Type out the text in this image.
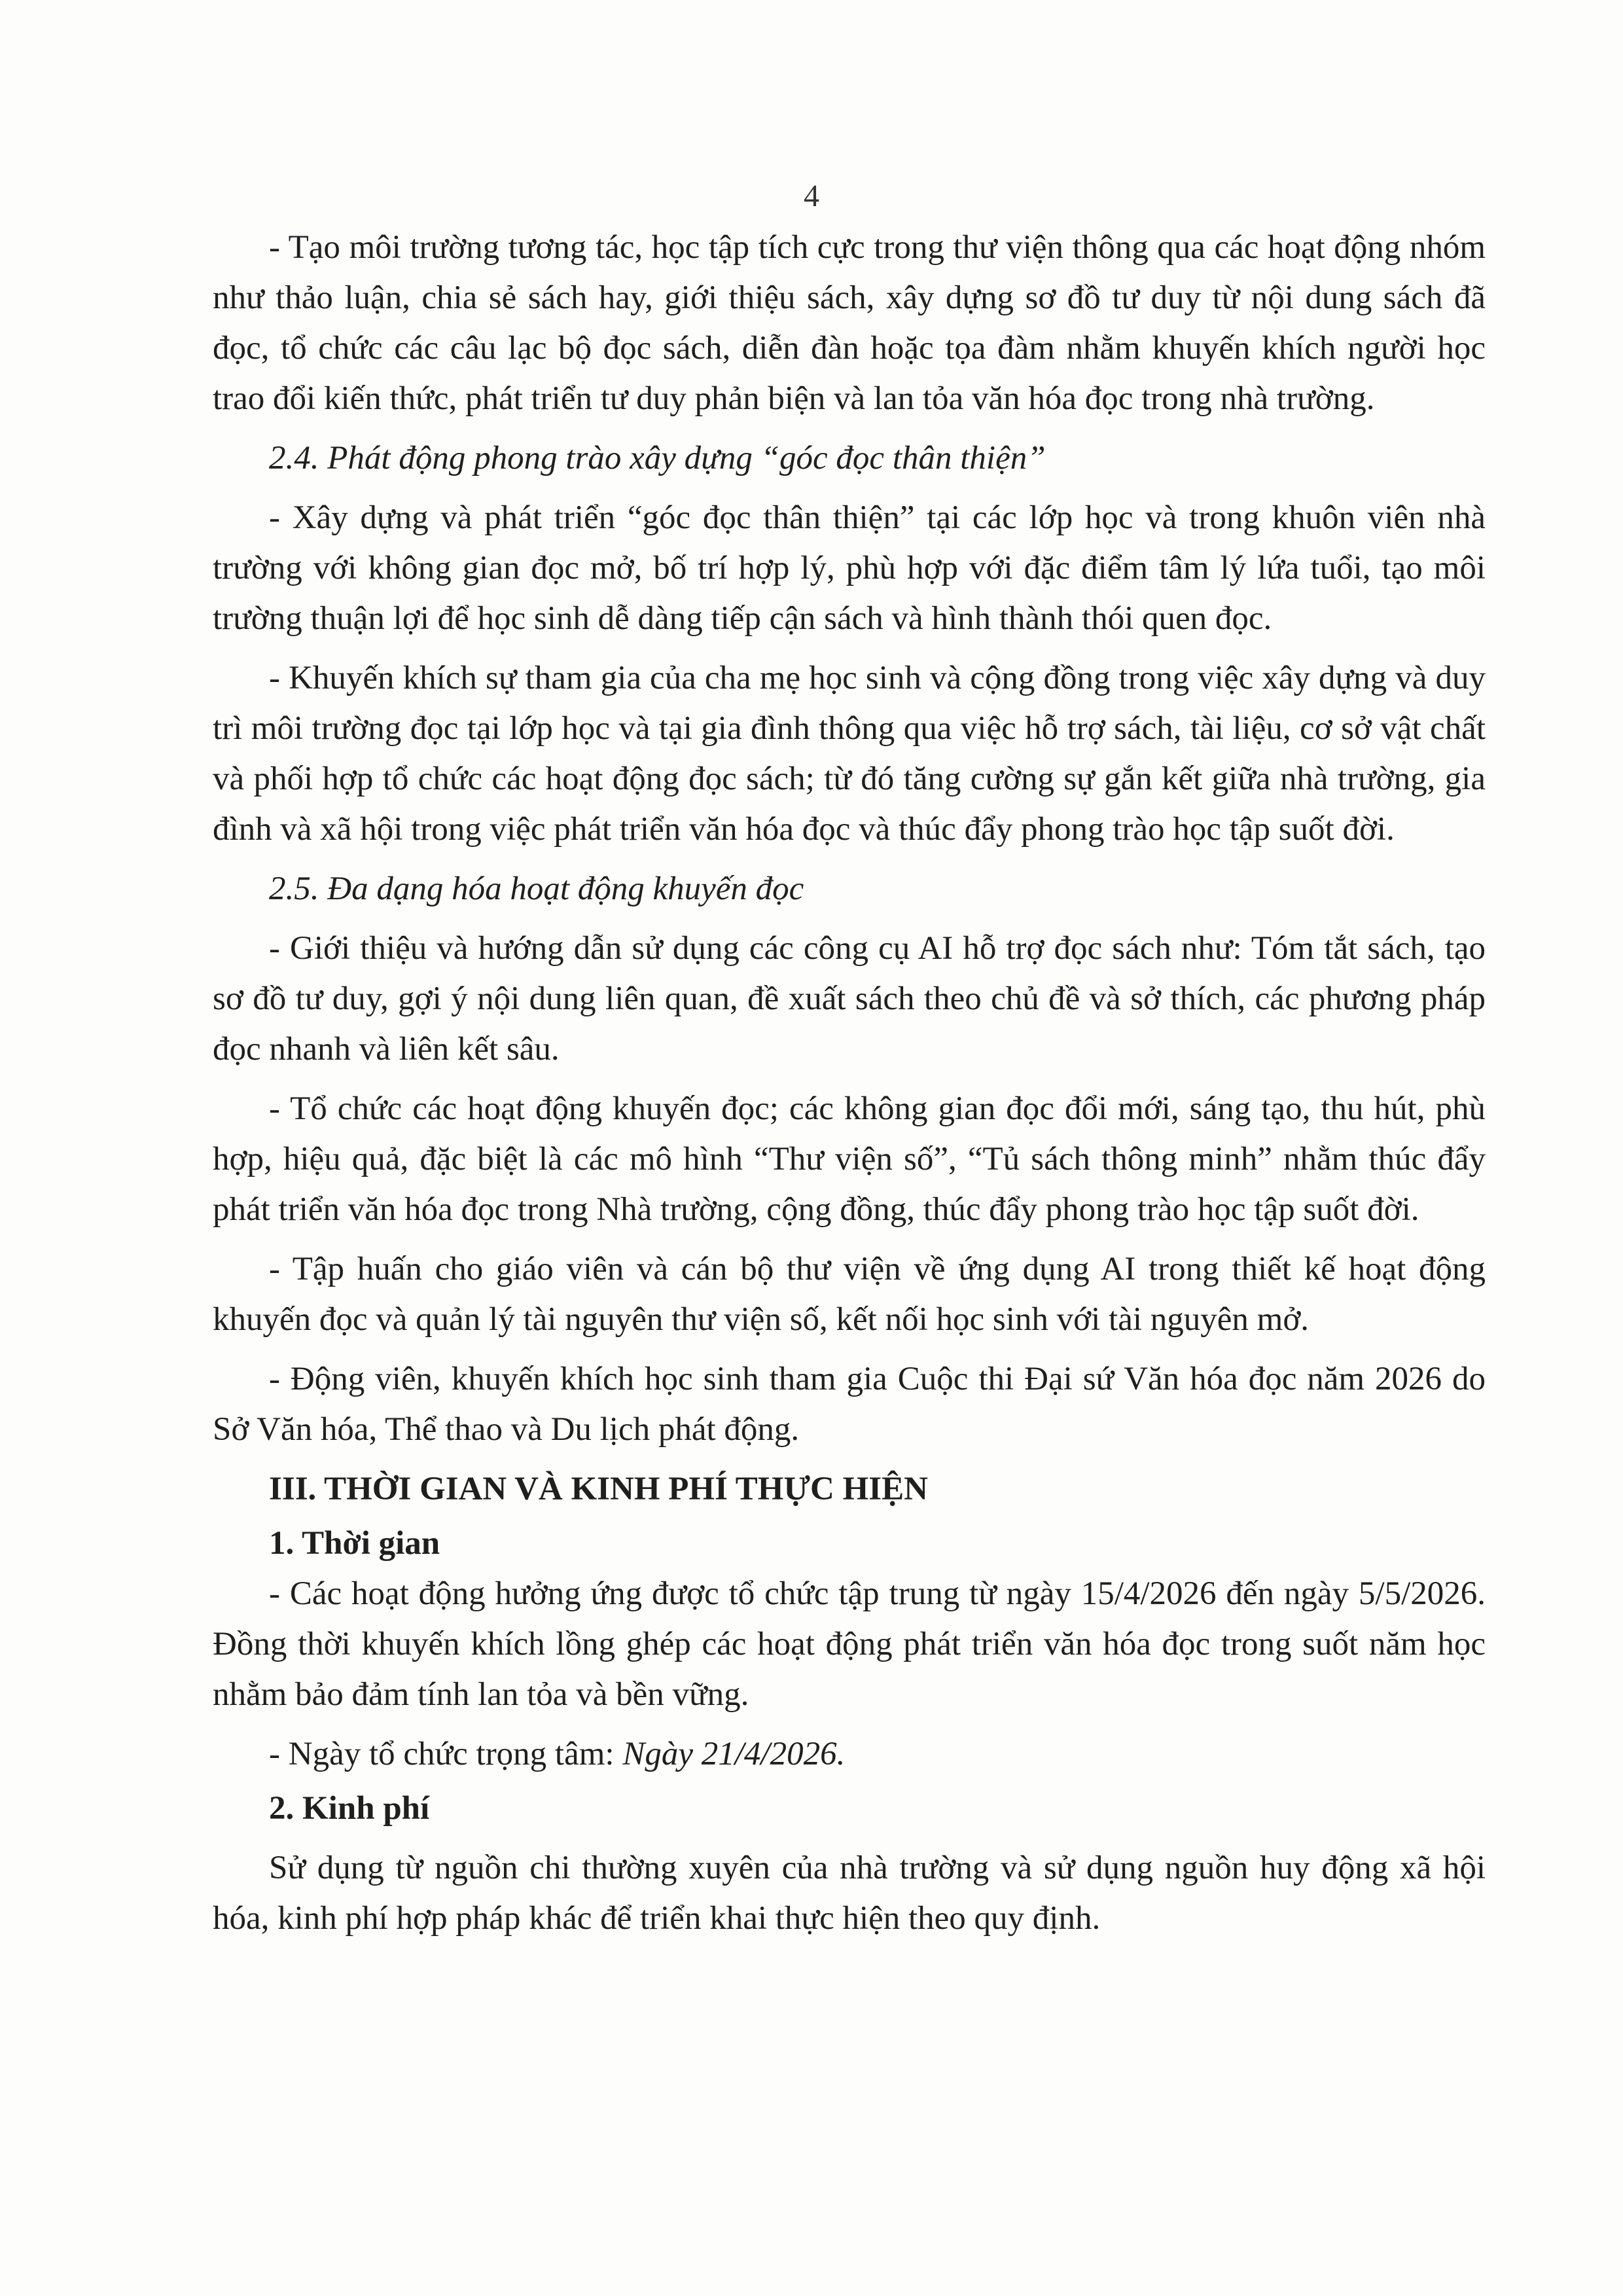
4

- Tạo môi trường tương tác, học tập tích cực trong thư viện thông qua các hoạt động nhóm như thảo luận, chia sẻ sách hay, giới thiệu sách, xây dựng sơ đồ tư duy từ nội dung sách đã đọc, tổ chức các câu lạc bộ đọc sách, diễn đàn hoặc tọa đàm nhằm khuyến khích người học trao đổi kiến thức, phát triển tư duy phản biện và lan tỏa văn hóa đọc trong nhà trường.

2.4. Phát động phong trào xây dựng “góc đọc thân thiện”

- Xây dựng và phát triển “góc đọc thân thiện” tại các lớp học và trong khuôn viên nhà trường với không gian đọc mở, bố trí hợp lý, phù hợp với đặc điểm tâm lý lứa tuổi, tạo môi trường thuận lợi để học sinh dễ dàng tiếp cận sách và hình thành thói quen đọc.

- Khuyến khích sự tham gia của cha mẹ học sinh và cộng đồng trong việc xây dựng và duy trì môi trường đọc tại lớp học và tại gia đình thông qua việc hỗ trợ sách, tài liệu, cơ sở vật chất và phối hợp tổ chức các hoạt động đọc sách; từ đó tăng cường sự gắn kết giữa nhà trường, gia đình và xã hội trong việc phát triển văn hóa đọc và thúc đẩy phong trào học tập suốt đời.

2.5. Đa dạng hóa hoạt động khuyến đọc

- Giới thiệu và hướng dẫn sử dụng các công cụ AI hỗ trợ đọc sách như: Tóm tắt sách, tạo sơ đồ tư duy, gợi ý nội dung liên quan, đề xuất sách theo chủ đề và sở thích, các phương pháp đọc nhanh và liên kết sâu.

- Tổ chức các hoạt động khuyến đọc; các không gian đọc đổi mới, sáng tạo, thu hút, phù hợp, hiệu quả, đặc biệt là các mô hình “Thư viện số”, “Tủ sách thông minh” nhằm thúc đẩy phát triển văn hóa đọc trong Nhà trường, cộng đồng, thúc đẩy phong trào học tập suốt đời.

- Tập huấn cho giáo viên và cán bộ thư viện về ứng dụng AI trong thiết kế hoạt động khuyến đọc và quản lý tài nguyên thư viện số, kết nối học sinh với tài nguyên mở.

- Động viên, khuyến khích học sinh tham gia Cuộc thi Đại sứ Văn hóa đọc năm 2026 do Sở Văn hóa, Thể thao và Du lịch phát động.

III. THỜI GIAN VÀ KINH PHÍ THỰC HIỆN

1. Thời gian

- Các hoạt động hưởng ứng được tổ chức tập trung từ ngày 15/4/2026 đến ngày 5/5/2026. Đồng thời khuyến khích lồng ghép các hoạt động phát triển văn hóa đọc trong suốt năm học nhằm bảo đảm tính lan tỏa và bền vững.

- Ngày tổ chức trọng tâm: Ngày 21/4/2026.

2. Kinh phí

Sử dụng từ nguồn chi thường xuyên của nhà trường và sử dụng nguồn huy động xã hội hóa, kinh phí hợp pháp khác để triển khai thực hiện theo quy định.
